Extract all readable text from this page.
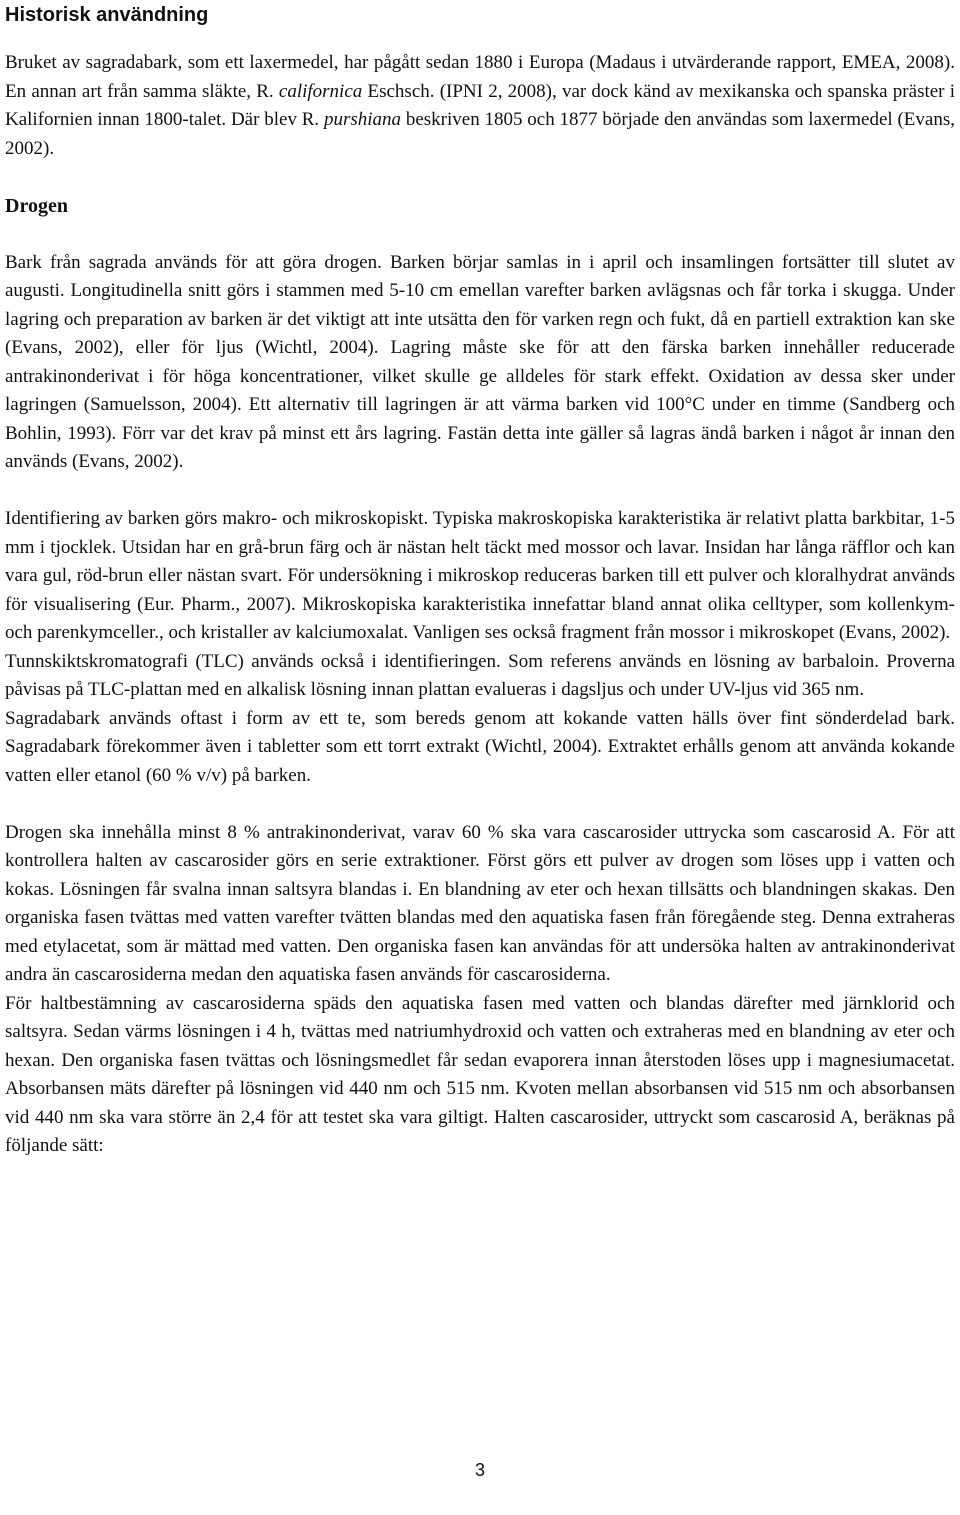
Historisk användning

Bruket av sagradabark, som ett laxermedel, har pågått sedan 1880 i Europa (Madaus i utvärderande rapport, EMEA, 2008). En annan art från samma släkte, R. californica Eschsch. (IPNI 2, 2008), var dock känd av mexikanska och spanska präster i Kalifornien innan 1800-talet. Där blev R. purshiana beskriven 1805 och 1877 började den användas som laxermedel (Evans, 2002).

Drogen

Bark från sagrada används för att göra drogen. Barken börjar samlas in i april och insamlingen fortsätter till slutet av augusti. Longitudinella snitt görs i stammen med 5-10 cm emellan varefter barken avlägsnas och får torka i skugga. Under lagring och preparation av barken är det viktigt att inte utsätta den för varken regn och fukt, då en partiell extraktion kan ske (Evans, 2002), eller för ljus (Wichtl, 2004). Lagring måste ske för att den färska barken innehåller reducerade antrakinonderivat i för höga koncentrationer, vilket skulle ge alldeles för stark effekt. Oxidation av dessa sker under lagringen (Samuelsson, 2004). Ett alternativ till lagringen är att värma barken vid 100°C under en timme (Sandberg och Bohlin, 1993). Förr var det krav på minst ett års lagring. Fastän detta inte gäller så lagras ändå barken i något år innan den används (Evans, 2002).

Identifiering av barken görs makro- och mikroskopiskt. Typiska makroskopiska karakteristika är relativt platta barkbitar, 1-5 mm i tjocklek. Utsidan har en grå-brun färg och är nästan helt täckt med mossor och lavar. Insidan har långa räfflor och kan vara gul, röd-brun eller nästan svart. För undersökning i mikroskop reduceras barken till ett pulver och kloralhydrat används för visualisering (Eur. Pharm., 2007). Mikroskopiska karakteristika innefattar bland annat olika celltyper, som kollenkym- och parenkymceller., och kristaller av kalciumoxalat. Vanligen ses också fragment från mossor i mikroskopet (Evans, 2002).

Tunnskiktskromatografi (TLC) används också i identifieringen. Som referens används en lösning av barbaloin. Proverna påvisas på TLC-plattan med en alkalisk lösning innan plattan evalueras i dagsljus och under UV-ljus vid 365 nm.

Sagradabark används oftast i form av ett te, som bereds genom att kokande vatten hälls över fint sönderdelad bark. Sagradabark förekommer även i tabletter som ett torrt extrakt (Wichtl, 2004). Extraktet erhålls genom att använda kokande vatten eller etanol (60 % v/v) på barken.

Drogen ska innehålla minst 8 % antrakinonderivat, varav 60 % ska vara cascarosider uttrycka som cascarosid A. För att kontrollera halten av cascarosider görs en serie extraktioner. Först görs ett pulver av drogen som löses upp i vatten och kokas. Lösningen får svalna innan saltsyra blandas i. En blandning av eter och hexan tillsätts och blandningen skakas. Den organiska fasen tvättas med vatten varefter tvätten blandas med den aquatiska fasen från föregående steg. Denna extraheras med etylacetat, som är mättad med vatten. Den organiska fasen kan användas för att undersöka halten av antrakinonderivat andra än cascarosiderna medan den aquatiska fasen används för cascarosiderna.

För haltbestämning av cascarosiderna späds den aquatiska fasen med vatten och blandas därefter med järnklorid och saltsyra. Sedan värms lösningen i 4 h, tvättas med natriumhydroxid och vatten och extraheras med en blandning av eter och hexan. Den organiska fasen tvättas och lösningsmedlet får sedan evaporera innan återstoden löses upp i magnesiumacetat. Absorbansen mäts därefter på lösningen vid 440 nm och 515 nm. Kvoten mellan absorbansen vid 515 nm och absorbansen vid 440 nm ska vara större än 2,4 för att testet ska vara giltigt. Halten cascarosider, uttryckt som cascarosid A, beräknas på följande sätt:

3
